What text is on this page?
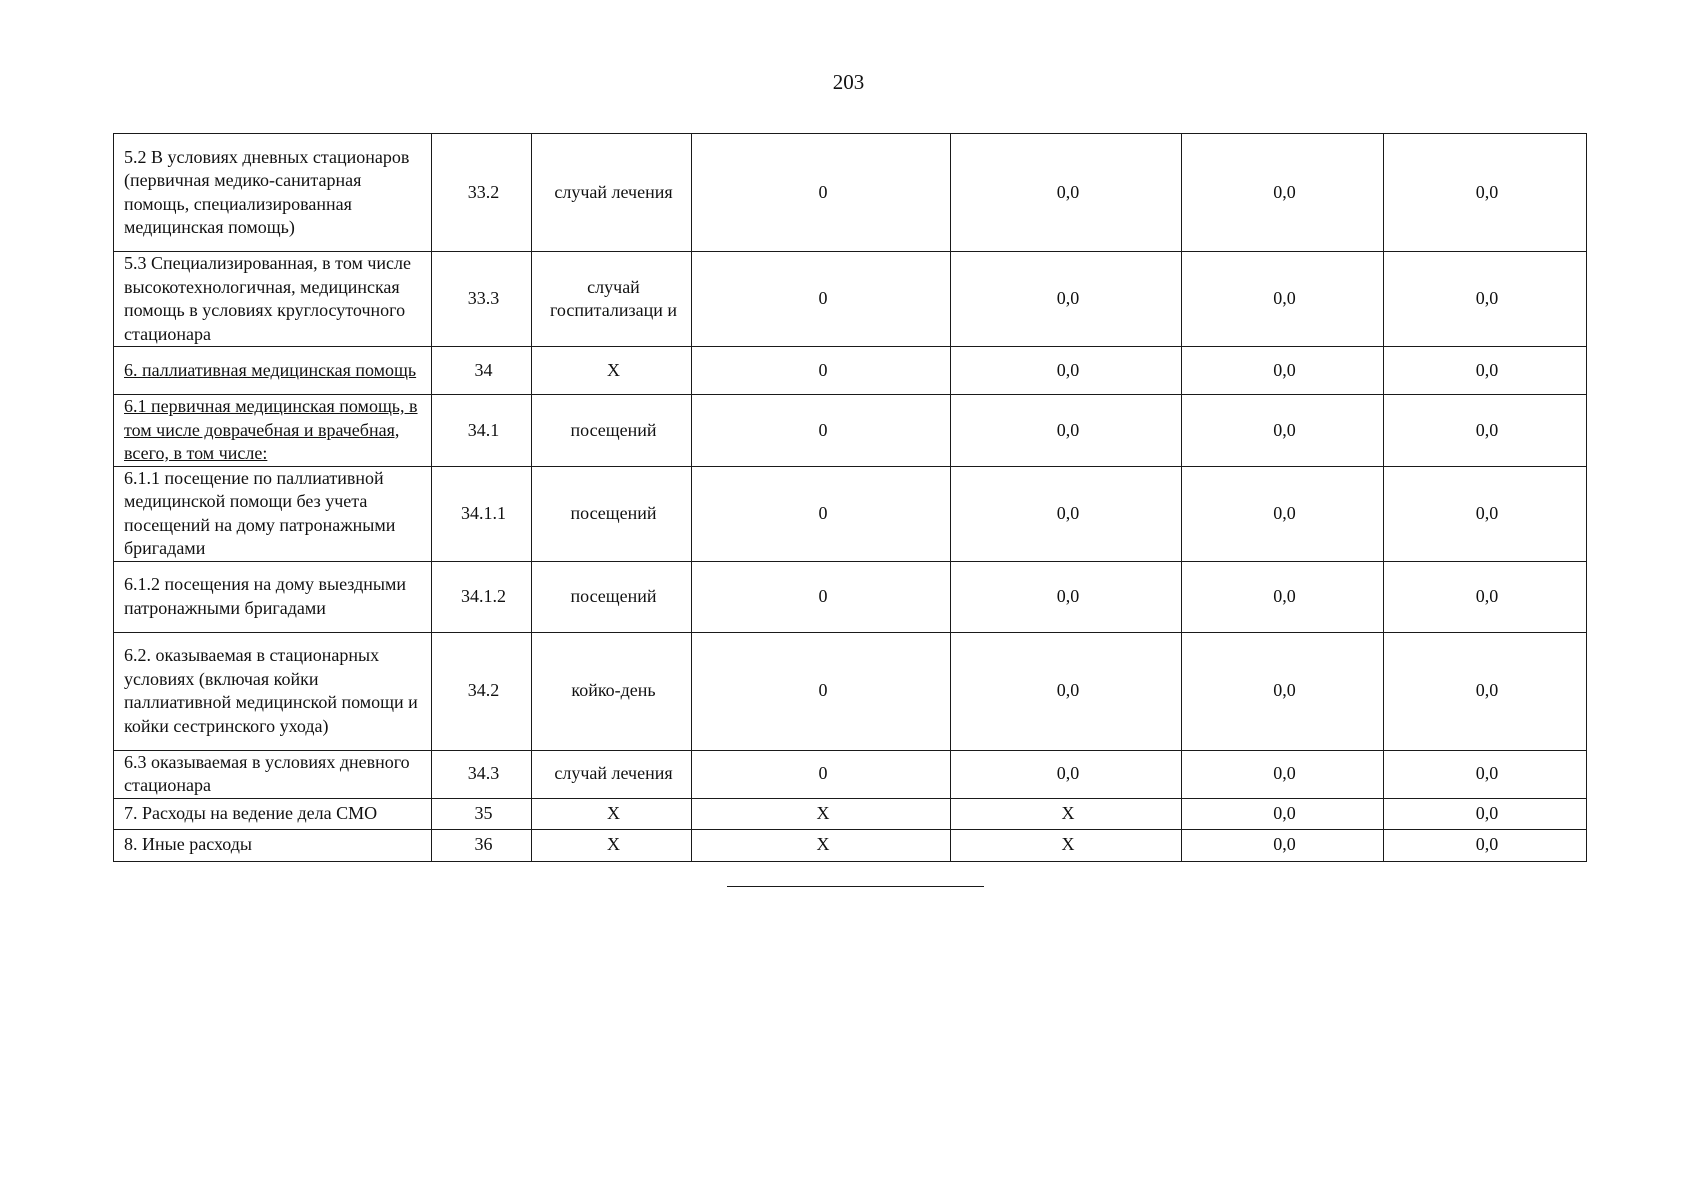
203
5.2 В условиях дневных стационаров (первичная медико-санитарная помощь, специализированная медицинская помощь)	33.2	случай лечения	0	0,0	0,0	0,0
5.3 Специализированная, в том числе высокотехнологичная, медицинская помощь в условиях круглосуточного стационара	33.3	случай госпитализаци и	0	0,0	0,0	0,0
6. паллиативная медицинская помощь	34	X	0	0,0	0,0	0,0
6.1 первичная медицинская помощь, в том числе доврачебная и врачебная, всего, в том числе:	34.1	посещений	0	0,0	0,0	0,0
6.1.1 посещение по паллиативной медицинской помощи без учета посещений на дому патронажными бригадами	34.1.1	посещений	0	0,0	0,0	0,0
6.1.2 посещения на дому выездными патронажными бригадами	34.1.2	посещений	0	0,0	0,0	0,0
6.2. оказываемая в стационарных условиях (включая койки паллиативной медицинской помощи и койки сестринского ухода)	34.2	койко-день	0	0,0	0,0	0,0
6.3 оказываемая в условиях дневного стационара	34.3	случай лечения	0	0,0	0,0	0,0
7. Расходы на ведение дела СМО	35	X	X	X	0,0	0,0
8. Иные расходы	36	X	X	X	0,0	0,0
